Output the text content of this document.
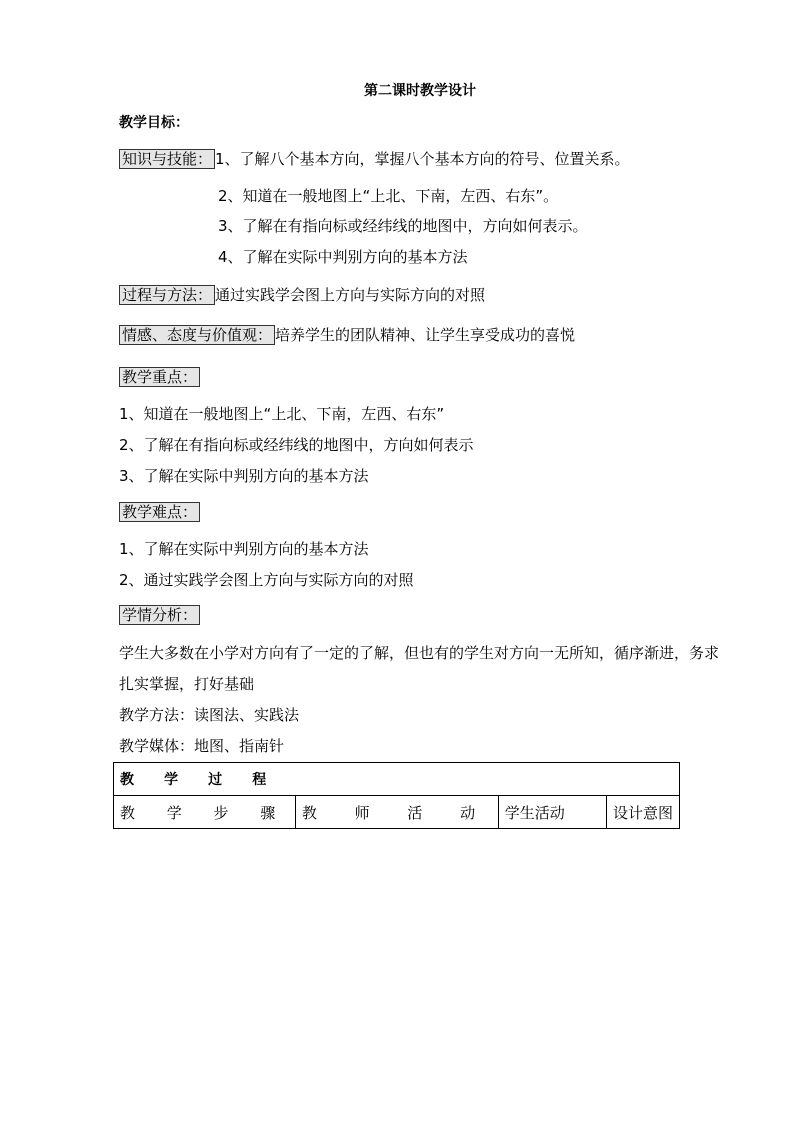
第二课时教学设计
教学目标：
知识与技能： 1、了解八个基本方向，掌握八个基本方向的符号、位置关系。
2、知道在一般地图上“上北、下南，左西、右东”。
3、了解在有指向标或经纬线的地图中，方向如何表示。
4、了解在实际中判别方向的基本方法
过程与方法： 通过实践学会图上方向与实际方向的对照
情感、态度与价值观： 培养学生的团队精神、让学生享受成功的喜悦
教学重点：
1、知道在一般地图上“上北、下南，左西、右东”
2、了解在有指向标或经纬线的地图中，方向如何表示
3、了解在实际中判别方向的基本方法
教学难点：
1、了解在实际中判别方向的基本方法
2、通过实践学会图上方向与实际方向的对照
学情分析：
学生大多数在小学对方向有了一定的了解，但也有的学生对方向一无所知，循序渐进，务求扎实掌握，打好基础
教学方法：读图法、实践法
教学媒体：地图、指南针
教 学 过 程
教 学 步 骤	教 师 活 动	学生活动	设计意图
